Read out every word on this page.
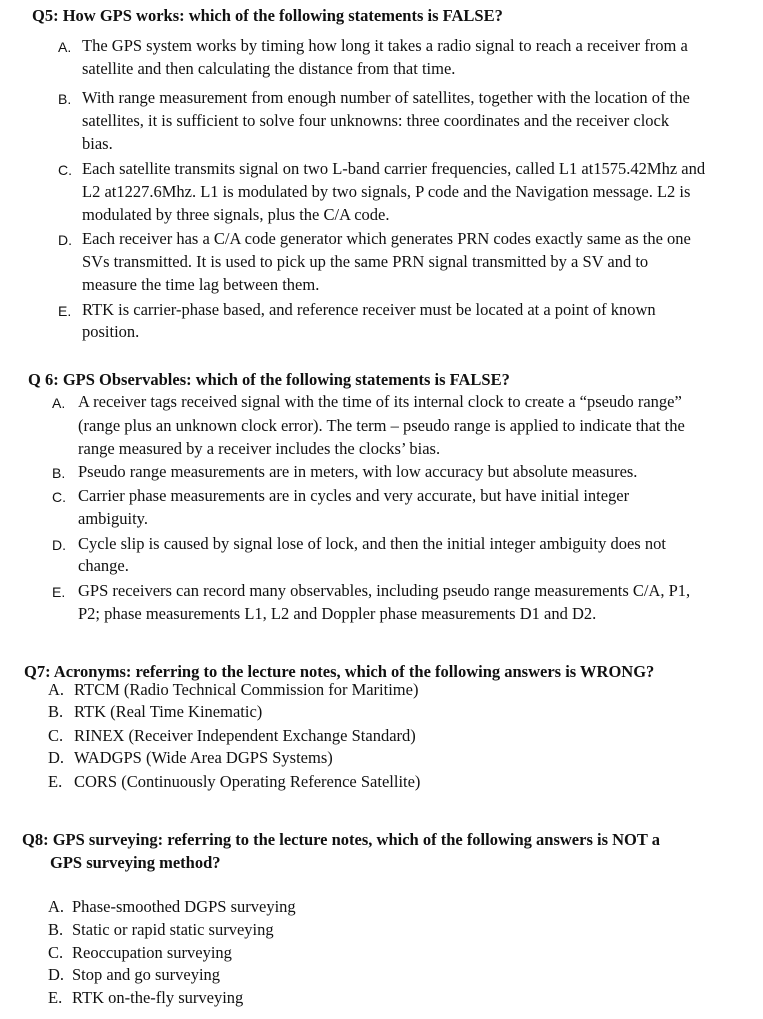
Q5: How GPS works: which of the following statements is FALSE?
A. The GPS system works by timing how long it takes a radio signal to reach a receiver from a
satellite and then calculating the distance from that time.
B. With range measurement from enough number of satellites, together with the location of the
satellites, it is sufficient to solve four unknowns: three coordinates and the receiver clock
bias.
C. Each satellite transmits signal on two L-band carrier frequencies, called L1 at1575.42Mhz and
L2 at1227.6Mhz. L1 is modulated by two signals, P code and the Navigation message. L2 is
modulated by three signals, plus the C/A code.
D. Each receiver has a C/A code generator which generates PRN codes exactly same as the one
SVs transmitted. It is used to pick up the same PRN signal transmitted by a SV and to
measure the time lag between them.
E. RTK is carrier-phase based, and reference receiver must be located at a point of known
position.
Q 6: GPS Observables: which of the following statements is FALSE?
A. A receiver tags received signal with the time of its internal clock to create a “pseudo range”
(range plus an unknown clock error). The term – pseudo range is applied to indicate that the
range measured by a receiver includes the clocks’ bias.
B. Pseudo range measurements are in meters, with low accuracy but absolute measures.
C. Carrier phase measurements are in cycles and very accurate, but have initial integer
ambiguity.
D. Cycle slip is caused by signal lose of lock, and then the initial integer ambiguity does not
change.
E. GPS receivers can record many observables, including pseudo range measurements C/A, P1,
P2; phase measurements L1, L2 and Doppler phase measurements D1 and D2.
Q7: Acronyms: referring to the lecture notes, which of the following answers is WRONG?
A. RTCM (Radio Technical Commission for Maritime)
B. RTK (Real Time Kinematic)
C. RINEX (Receiver Independent Exchange Standard)
D. WADGPS (Wide Area DGPS Systems)
E. CORS (Continuously Operating Reference Satellite)
Q8: GPS surveying: referring to the lecture notes, which of the following answers is NOT a
GPS surveying method?
A. Phase-smoothed DGPS surveying
B. Static or rapid static surveying
C. Reoccupation surveying
D. Stop and go surveying
E. RTK on-the-fly surveying
